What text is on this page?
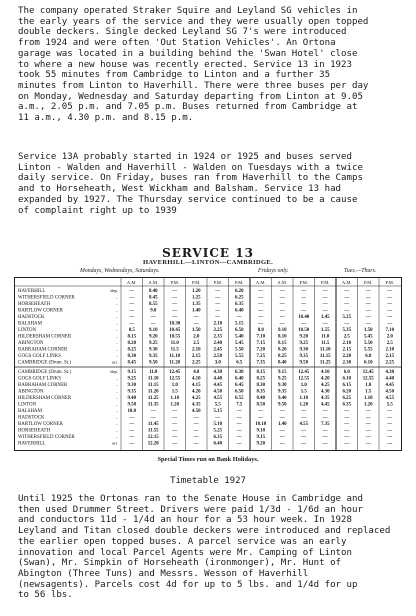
The company operated Straker Squire and Leyland SG vehicles in
the early years of the service and they were usually open topped
double deckers. Single decked Leyland SG 7's were introduced
from 1924 and were often 'Out Station Vehicles'. An Ortona
garage was located in a building behind the 'Swan Hotel' close
to where a new house was recently erected. Service 13 in 1923
took 55 minutes from Cambridge to Linton and a further 35
minutes from Linton to Haverhill. There were three buses per day
on Monday, Wednesday and Saturday departing from Linton at 9.05
a.m., 2.05 p.m. and 7.05 p.m. Buses returned from Cambridge at
11 a.m., 4.30 p.m. and 8.15 p.m.
Service 13A probably started in 1924 or 1925 and buses served
Linton - Walden and Haverhill - Walden on Tuesdays with a twice
daily service. On Friday, buses ran from Haverhill to the Camps
and to Horseheath, West Wickham and Balsham. Service 13 had
expanded by 1927. The Thursday service continued to be a cause
of complaint right up to 1939
SERVICE 13
HAVERHILL—LINTON—CAMBRIDGE.
Mondays, Wednesdays, Saturdays.	Fridays only.	Tues.—Thurs.
A.M.	A.M.	P.M.	P.M.	P.M.	P.M.	A.M.	A.M.	P.M.	P.M.	A.M.	P.M.	P.M.
HAVERHILL	dep. —	8.40	—	1.20	—	6.20	—	—	—	—	—	—	—
WITHERSFIELD CORNER	.. —	8.45	—	1.25	—	6.25	—	—	—	—	—	—	—
HORSEHEATH	.. —	8.55	—	1.35	—	6.35	—	—	—	—	—	—	—
BARTLOW CORNER	.. —	9.0	—	1.40	—	6.40	—	—	—	—	—	—	—
HADSTOCK	.. —	—	—	—	—	—	—	—	10.40 1.45	5.25	—	—
BALSHAM	.. —	—	10.30	—	2.10	5.15	—	—	—	—	—	—	—
LINTON	.. 8.5	9.10 10.45 1.50	2.25	6.50	8.0	9.10 10.50 1.55	5.35	1.50	7.10
HILDERSHAM CORNER	.. 8.15	9.20 10.55	2.0	2.35	5.40	7.10	8.10	9.20	11.0	2.5	5.45	2.0
ABINGTON	.. 8.20	9.25	11.0	2.5	2.40	5.45	7.15	8.15	9.25	11.5	2.10	5.50	2.5
BABRAHAM CORNER	.. 8.25	9.30	11.5	2.10	2.45	5.50	7.20	8.20	9.30 11.10 2.15	5.55	2.10
GOGS GOLF LINKS	.. 8.30	9.35 11.10 2.15	2.50	5.55	7.25	8.25	9.35 11.15 2.20	6.0	2.15
CAMBRIDGE (Drum. St.)	arr. 8.45	9.50 11.20 2.25	3.0	6.5	7.35	8.40	9.50 11.25 2.30	6.10	2.25
CAMBRIDGE (Drum. St.)	dep. 9.15	11.0 12.45	4.0	4.30	6.30	8.15	9.15 12.45 4.10	6.0	12.45 4.30
GOGS GOLF LINKS	.. 9.25 11.10 12.55 4.10	4.40	6.40	8.25	9.25 12.55 4.20	6.10 12.55 4.40
BABRAHAM CORNER	.. 9.30 11.15	1.0	4.15	4.45	6.45	8.30	9.30	1.0	4.25	6.15	1.0	4.45
ABINGTON	.. 9.35 11.20	1.5	4.20	4.50	6.50	8.35	9.35	1.5	4.30	6.20	1.5	4.50
HILDERSHAM CORNER	.. 9.40 11.25 1.10	4.25	4.55	6.55	8.40	9.40	1.10	4.35	6.25	1.10	4.55
LINTON	.. 9.50 11.35 1.20	4.35	5.5	7.5	8.50	9.50	1.20	4.45	6.35	1.20	5.5
BALSHAM	.. 10.0	—	—	4.50	5.15	—	—	—	—	—	—	—	—
HADSTOCK	.. —	—	—	—	—	—	—	—	—	—	—	—	—
BARTLOW CORNER	.. —	11.45	—	—	5.10	—	10.10 1.40	4.55	7.35	—	—	—
HORSEHEATH	.. —	11.55	—	—	5.25	—	9.10	—	—	—	—	—	—
WITHERSFIELD CORNER	.. —	12.15	—	—	6.35	—	9.15	—	—	—	—	—	—
HAVERHILL	arr. —	12.20	—	—	6.40	—	9.20	—	—	—	—	—	—
Special Times run on Bank Holidays.
Timetable 1927
Until 1925 the Ortonas ran to the Senate House in Cambridge and
then used Drummer Street. Drivers were paid 1/3d - 1/6d an hour
and conductors 11d - 1/4d an hour for a 53 hour week. In 1928
Leyland and Titan closed double deckers were introduced and replaced
the earlier open topped buses. A parcel service was an early
innovation and local Parcel Agents were Mr. Camping of Linton
(Swan), Mr. Simpkin of Horseheath (ironmonger), Mr. Hunt of
Abington (Three Tuns) and Messrs. Wesson of Haverhill
(newsagents). Parcels cost 4d for up to 5 lbs. and 1/4d for up
to 56 lbs.
